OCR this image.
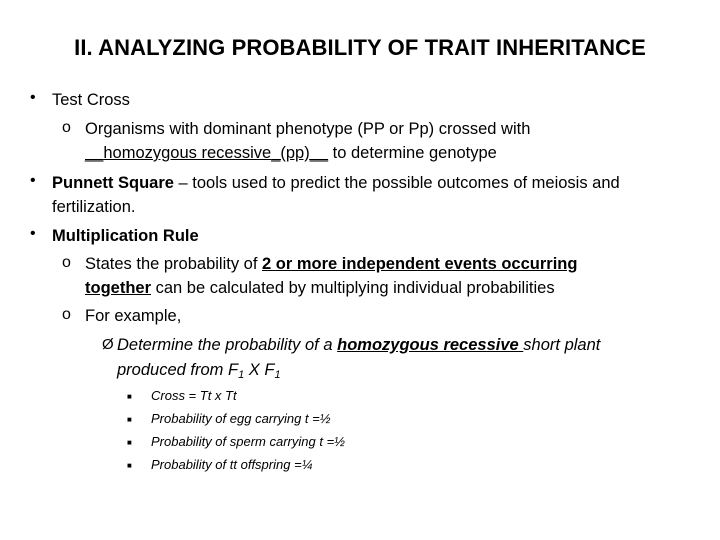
II. ANALYZING PROBABILITY OF TRAIT INHERITANCE
• Test Cross
o Organisms with dominant phenotype (PP or Pp) crossed with
__homozygous recessive_(pp)__ to determine genotype
• Punnett Square – tools used to predict the possible outcomes of meiosis and
fertilization.
• Multiplication Rule
o States the probability of 2 or more independent events occurring
together can be calculated by multiplying individual probabilities
o For example,
Ø Determine the probability of a homozygous recessive short plant
produced from $F_1$ X $F_1$
■ Cross = Tt x Tt
■ Probability of egg carrying t =½
■ Probability of sperm carrying t =½
■ Probability of tt offspring =¼
